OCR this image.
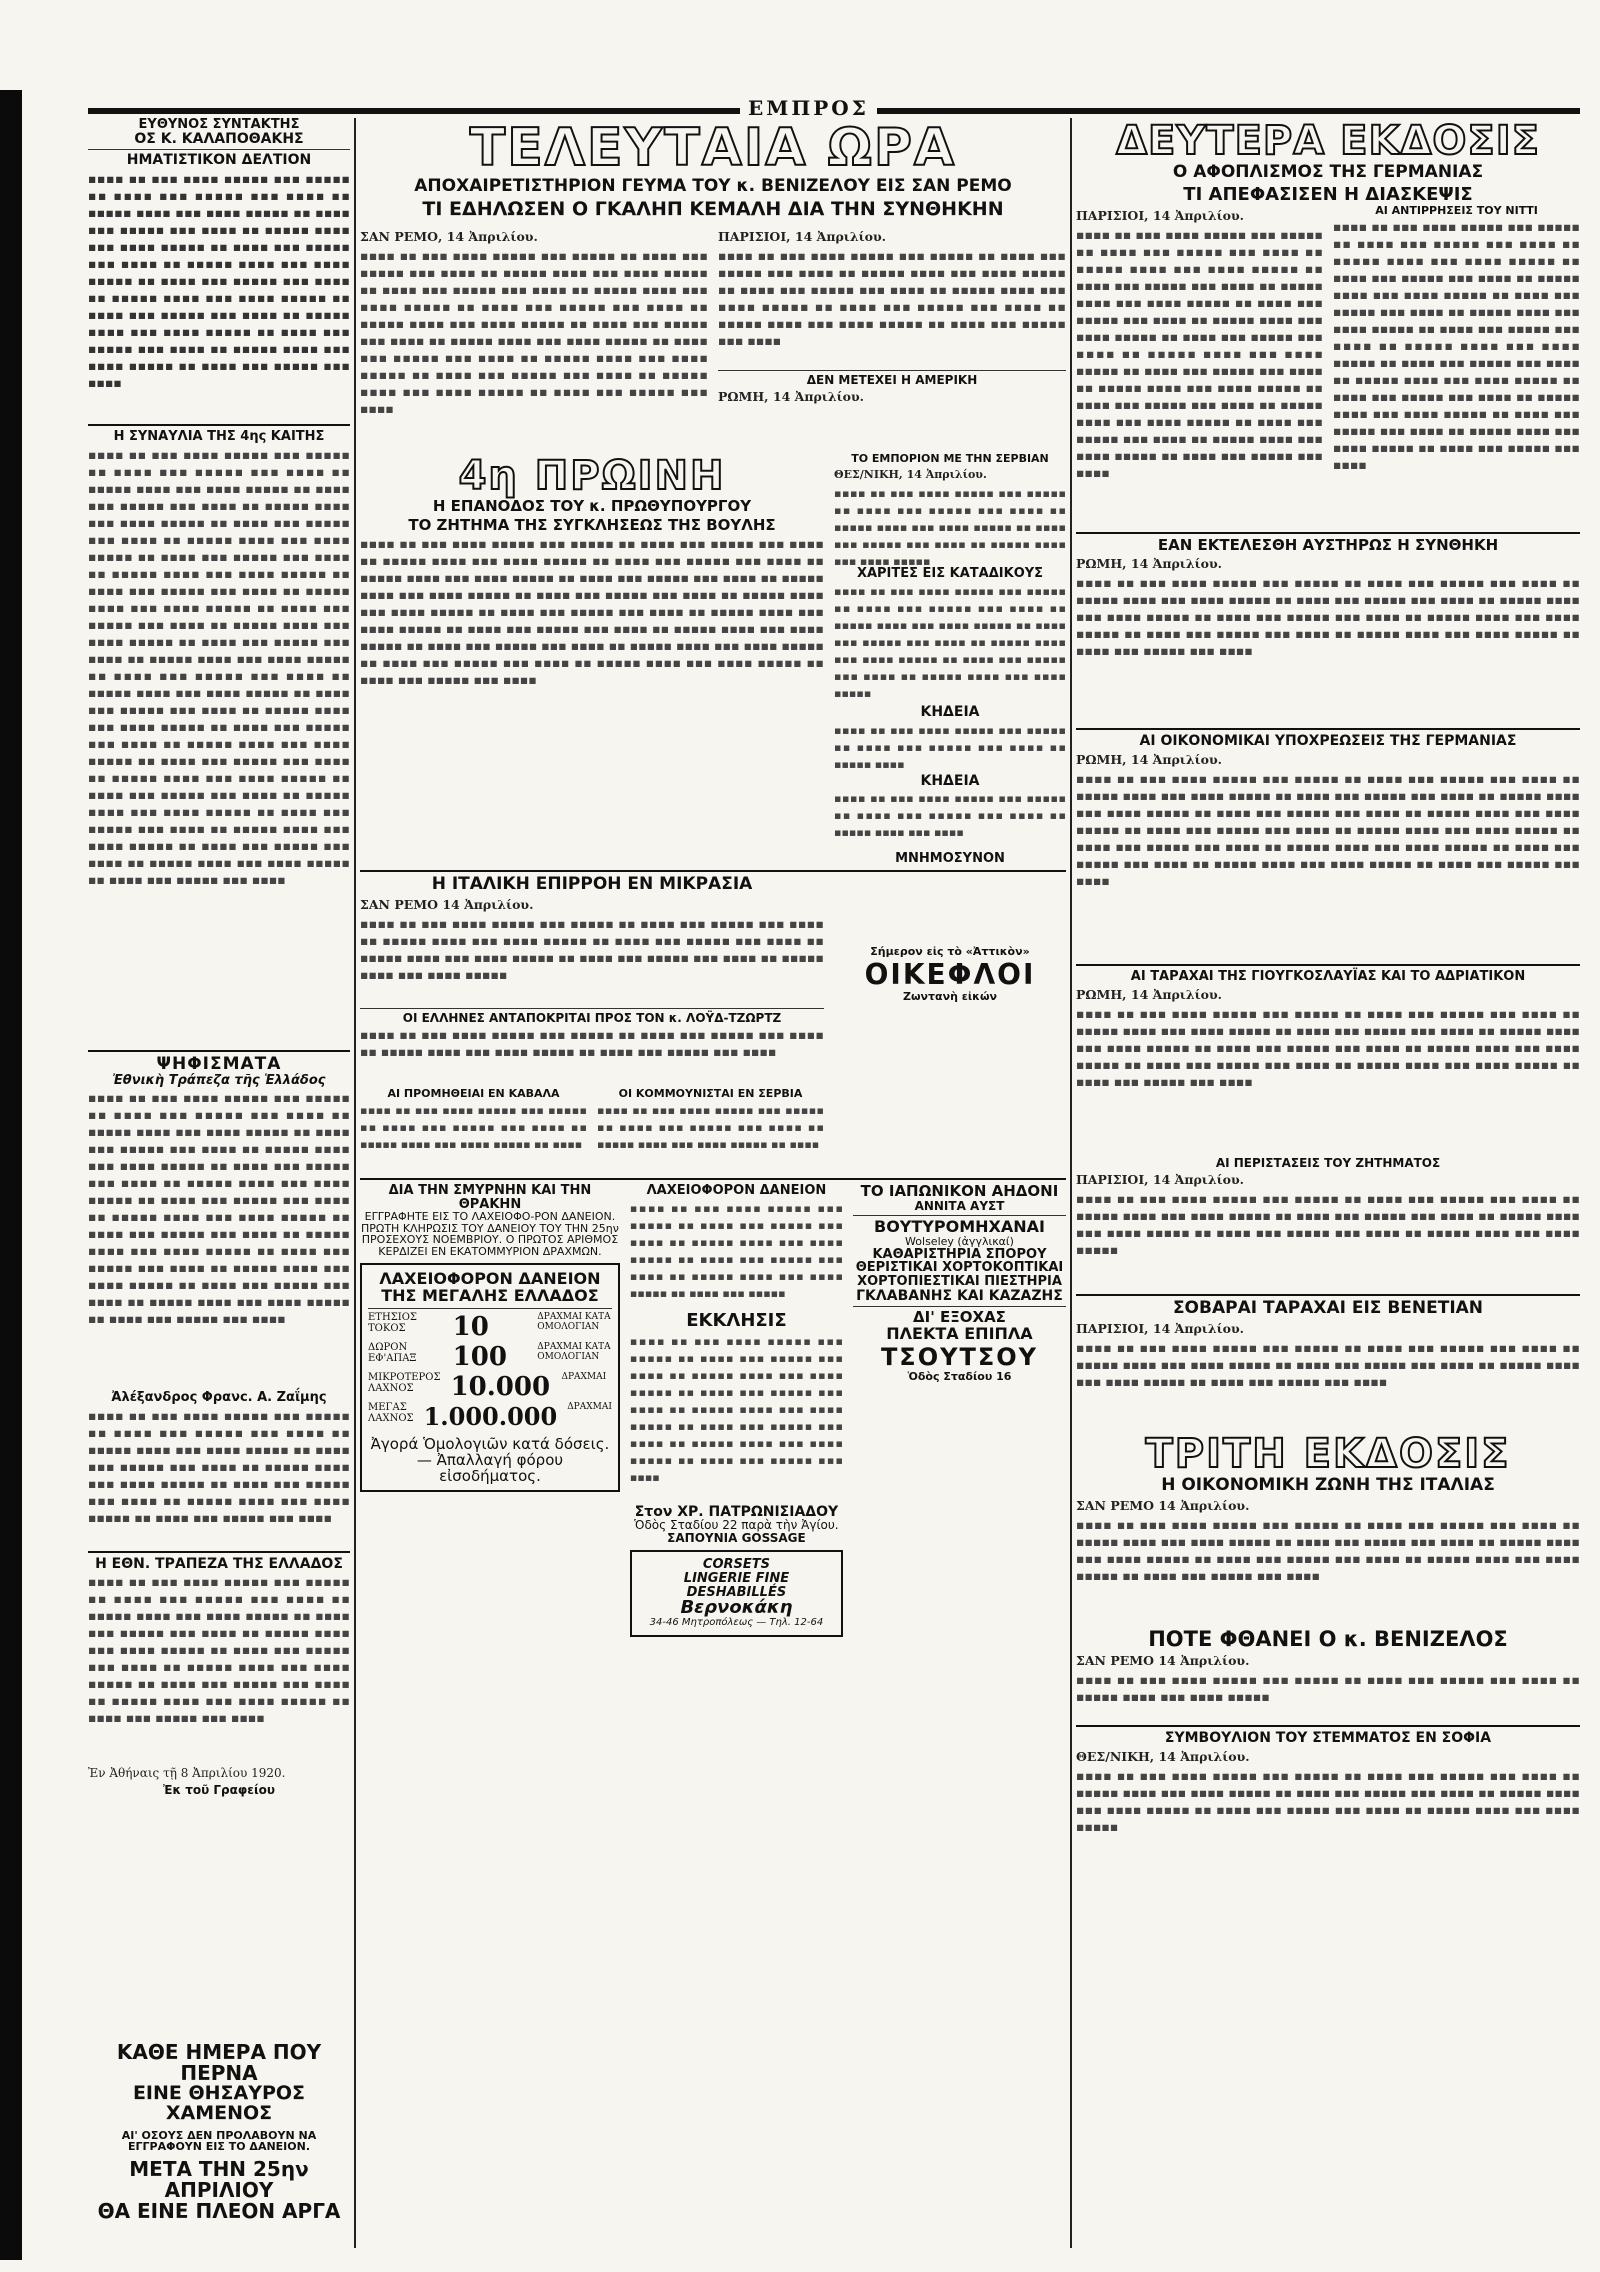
ΕΜΠΡΟΣ
ΕΥΘΥΝΟΣ ΣΥΝΤΑΚΤΗΣ
ΟΣ Κ. ΚΑΛΑΠΟΘΑΚΗΣ
ΗΜΑΤΙΣΤΙΚΟΝ ΔΕΛΤΙΟΝ
▪▪▪▪ ▪▪ ▪▪▪ ▪▪▪▪ ▪▪▪▪▪ ▪▪▪ ▪▪▪▪▪ ▪▪ ▪▪▪▪ ▪▪▪ ▪▪▪▪▪ ▪▪▪ ▪▪▪▪ ▪▪ ▪▪▪▪▪ ▪▪▪▪ ▪▪▪ ▪▪▪▪ ▪▪▪▪▪ ▪▪ ▪▪▪▪ ▪▪▪ ▪▪▪▪▪ ▪▪▪ ▪▪▪▪ ▪▪ ▪▪▪▪▪ ▪▪▪▪ ▪▪▪ ▪▪▪▪ ▪▪▪▪▪ ▪▪ ▪▪▪▪ ▪▪▪ ▪▪▪▪▪ ▪▪▪ ▪▪▪▪ ▪▪ ▪▪▪▪▪ ▪▪▪▪ ▪▪▪ ▪▪▪▪ ▪▪▪▪▪ ▪▪ ▪▪▪▪ ▪▪▪ ▪▪▪▪▪ ▪▪▪ ▪▪▪▪ ▪▪ ▪▪▪▪▪ ▪▪▪▪ ▪▪▪ ▪▪▪▪ ▪▪▪▪▪ ▪▪ ▪▪▪▪ ▪▪▪ ▪▪▪▪▪ ▪▪▪ ▪▪▪▪ ▪▪ ▪▪▪▪▪ ▪▪▪▪ ▪▪▪ ▪▪▪▪ ▪▪▪▪▪ ▪▪ ▪▪▪▪ ▪▪▪ ▪▪▪▪▪ ▪▪▪ ▪▪▪▪ ▪▪ ▪▪▪▪▪ ▪▪▪▪ ▪▪▪ ▪▪▪▪ ▪▪▪▪▪ ▪▪ ▪▪▪▪ ▪▪▪ ▪▪▪▪▪ ▪▪▪ ▪▪▪▪
Η ΣΥΝΑΥΛΙΑ ΤΗΣ 4ης ΚΑΙΤΗΣ
▪▪▪▪ ▪▪ ▪▪▪ ▪▪▪▪ ▪▪▪▪▪ ▪▪▪ ▪▪▪▪▪ ▪▪ ▪▪▪▪ ▪▪▪ ▪▪▪▪▪ ▪▪▪ ▪▪▪▪ ▪▪ ▪▪▪▪▪ ▪▪▪▪ ▪▪▪ ▪▪▪▪ ▪▪▪▪▪ ▪▪ ▪▪▪▪ ▪▪▪ ▪▪▪▪▪ ▪▪▪ ▪▪▪▪ ▪▪ ▪▪▪▪▪ ▪▪▪▪ ▪▪▪ ▪▪▪▪ ▪▪▪▪▪ ▪▪ ▪▪▪▪ ▪▪▪ ▪▪▪▪▪ ▪▪▪ ▪▪▪▪ ▪▪ ▪▪▪▪▪ ▪▪▪▪ ▪▪▪ ▪▪▪▪ ▪▪▪▪▪ ▪▪ ▪▪▪▪ ▪▪▪ ▪▪▪▪▪ ▪▪▪ ▪▪▪▪ ▪▪ ▪▪▪▪▪ ▪▪▪▪ ▪▪▪ ▪▪▪▪ ▪▪▪▪▪ ▪▪ ▪▪▪▪ ▪▪▪ ▪▪▪▪▪ ▪▪▪ ▪▪▪▪ ▪▪ ▪▪▪▪▪ ▪▪▪▪ ▪▪▪ ▪▪▪▪ ▪▪▪▪▪ ▪▪ ▪▪▪▪ ▪▪▪ ▪▪▪▪▪ ▪▪▪ ▪▪▪▪ ▪▪ ▪▪▪▪▪ ▪▪▪▪ ▪▪▪ ▪▪▪▪ ▪▪▪▪▪ ▪▪ ▪▪▪▪ ▪▪▪ ▪▪▪▪▪ ▪▪▪ ▪▪▪▪ ▪▪ ▪▪▪▪▪ ▪▪▪▪ ▪▪▪ ▪▪▪▪ ▪▪▪▪▪ ▪▪ ▪▪▪▪ ▪▪▪ ▪▪▪▪▪ ▪▪▪ ▪▪▪▪ ▪▪ ▪▪▪▪▪ ▪▪▪▪ ▪▪▪ ▪▪▪▪ ▪▪▪▪▪ ▪▪ ▪▪▪▪ ▪▪▪ ▪▪▪▪▪ ▪▪▪ ▪▪▪▪ ▪▪ ▪▪▪▪▪ ▪▪▪▪ ▪▪▪ ▪▪▪▪ ▪▪▪▪▪ ▪▪ ▪▪▪▪ ▪▪▪ ▪▪▪▪▪ ▪▪▪ ▪▪▪▪ ▪▪ ▪▪▪▪▪ ▪▪▪▪ ▪▪▪ ▪▪▪▪ ▪▪▪▪▪ ▪▪ ▪▪▪▪ ▪▪▪ ▪▪▪▪▪ ▪▪▪ ▪▪▪▪ ▪▪ ▪▪▪▪▪ ▪▪▪▪ ▪▪▪ ▪▪▪▪ ▪▪▪▪▪ ▪▪ ▪▪▪▪ ▪▪▪ ▪▪▪▪▪ ▪▪▪ ▪▪▪▪ ▪▪ ▪▪▪▪▪ ▪▪▪▪ ▪▪▪ ▪▪▪▪ ▪▪▪▪▪ ▪▪ ▪▪▪▪ ▪▪▪ ▪▪▪▪▪ ▪▪▪ ▪▪▪▪ ▪▪ ▪▪▪▪▪ ▪▪▪▪ ▪▪▪ ▪▪▪▪ ▪▪▪▪▪ ▪▪ ▪▪▪▪ ▪▪▪ ▪▪▪▪▪ ▪▪▪ ▪▪▪▪ ▪▪ ▪▪▪▪▪ ▪▪▪▪ ▪▪▪ ▪▪▪▪ ▪▪▪▪▪ ▪▪ ▪▪▪▪ ▪▪▪ ▪▪▪▪▪ ▪▪▪ ▪▪▪▪
ΨΗΦΙΣΜΑΤΑ
Ἐθνικὴ Τράπεζα τῆς Ἑλλάδος
▪▪▪▪ ▪▪ ▪▪▪ ▪▪▪▪ ▪▪▪▪▪ ▪▪▪ ▪▪▪▪▪ ▪▪ ▪▪▪▪ ▪▪▪ ▪▪▪▪▪ ▪▪▪ ▪▪▪▪ ▪▪ ▪▪▪▪▪ ▪▪▪▪ ▪▪▪ ▪▪▪▪ ▪▪▪▪▪ ▪▪ ▪▪▪▪ ▪▪▪ ▪▪▪▪▪ ▪▪▪ ▪▪▪▪ ▪▪ ▪▪▪▪▪ ▪▪▪▪ ▪▪▪ ▪▪▪▪ ▪▪▪▪▪ ▪▪ ▪▪▪▪ ▪▪▪ ▪▪▪▪▪ ▪▪▪ ▪▪▪▪ ▪▪ ▪▪▪▪▪ ▪▪▪▪ ▪▪▪ ▪▪▪▪ ▪▪▪▪▪ ▪▪ ▪▪▪▪ ▪▪▪ ▪▪▪▪▪ ▪▪▪ ▪▪▪▪ ▪▪ ▪▪▪▪▪ ▪▪▪▪ ▪▪▪ ▪▪▪▪ ▪▪▪▪▪ ▪▪ ▪▪▪▪ ▪▪▪ ▪▪▪▪▪ ▪▪▪ ▪▪▪▪ ▪▪ ▪▪▪▪▪ ▪▪▪▪ ▪▪▪ ▪▪▪▪ ▪▪▪▪▪ ▪▪ ▪▪▪▪ ▪▪▪ ▪▪▪▪▪ ▪▪▪ ▪▪▪▪ ▪▪ ▪▪▪▪▪ ▪▪▪▪ ▪▪▪ ▪▪▪▪ ▪▪▪▪▪ ▪▪ ▪▪▪▪ ▪▪▪ ▪▪▪▪▪ ▪▪▪ ▪▪▪▪ ▪▪ ▪▪▪▪▪ ▪▪▪▪ ▪▪▪ ▪▪▪▪ ▪▪▪▪▪ ▪▪ ▪▪▪▪ ▪▪▪ ▪▪▪▪▪ ▪▪▪ ▪▪▪▪
Ἀλέξανδρος Φρανc. Α. Ζαΐμης
▪▪▪▪ ▪▪ ▪▪▪ ▪▪▪▪ ▪▪▪▪▪ ▪▪▪ ▪▪▪▪▪ ▪▪ ▪▪▪▪ ▪▪▪ ▪▪▪▪▪ ▪▪▪ ▪▪▪▪ ▪▪ ▪▪▪▪▪ ▪▪▪▪ ▪▪▪ ▪▪▪▪ ▪▪▪▪▪ ▪▪ ▪▪▪▪ ▪▪▪ ▪▪▪▪▪ ▪▪▪ ▪▪▪▪ ▪▪ ▪▪▪▪▪ ▪▪▪▪ ▪▪▪ ▪▪▪▪ ▪▪▪▪▪ ▪▪ ▪▪▪▪ ▪▪▪ ▪▪▪▪▪ ▪▪▪ ▪▪▪▪ ▪▪ ▪▪▪▪▪ ▪▪▪▪ ▪▪▪ ▪▪▪▪ ▪▪▪▪▪ ▪▪ ▪▪▪▪ ▪▪▪ ▪▪▪▪▪ ▪▪▪ ▪▪▪▪
Η ΕΘΝ. ΤΡΑΠΕΖΑ ΤΗΣ ΕΛΛΑΔΟΣ
▪▪▪▪ ▪▪ ▪▪▪ ▪▪▪▪ ▪▪▪▪▪ ▪▪▪ ▪▪▪▪▪ ▪▪ ▪▪▪▪ ▪▪▪ ▪▪▪▪▪ ▪▪▪ ▪▪▪▪ ▪▪ ▪▪▪▪▪ ▪▪▪▪ ▪▪▪ ▪▪▪▪ ▪▪▪▪▪ ▪▪ ▪▪▪▪ ▪▪▪ ▪▪▪▪▪ ▪▪▪ ▪▪▪▪ ▪▪ ▪▪▪▪▪ ▪▪▪▪ ▪▪▪ ▪▪▪▪ ▪▪▪▪▪ ▪▪ ▪▪▪▪ ▪▪▪ ▪▪▪▪▪ ▪▪▪ ▪▪▪▪ ▪▪ ▪▪▪▪▪ ▪▪▪▪ ▪▪▪ ▪▪▪▪ ▪▪▪▪▪ ▪▪ ▪▪▪▪ ▪▪▪ ▪▪▪▪▪ ▪▪▪ ▪▪▪▪ ▪▪ ▪▪▪▪▪ ▪▪▪▪ ▪▪▪ ▪▪▪▪ ▪▪▪▪▪ ▪▪ ▪▪▪▪ ▪▪▪ ▪▪▪▪▪ ▪▪▪ ▪▪▪▪
Ἐν Ἀθήναις τῇ 8 Ἀπριλίου 1920.
Ἐκ τοῦ Γραφείου
ΚΑΘΕ ΗΜΕΡΑ ΠΟΥ ΠΕΡΝΑ
ΕΙΝΕ ΘΗΣΑΥΡΟΣ ΧΑΜΕΝΟΣ
ΑΙ' ΟΣΟΥΣ ΔΕΝ ΠΡΟΛΑΒΟΥΝ ΝΑ ΕΓΓΡΑΦΟΥΝ ΕΙΣ ΤΟ ΔΑΝΕΙΟΝ.
ΜΕΤΑ ΤΗΝ 25ην ΑΠΡΙΛΙΟΥ
ΘΑ ΕΙΝΕ ΠΛΕΟΝ ΑΡΓΑ
ΤΕΛΕΥΤΑΙΑ ΩΡΑ
ΑΠΟΧΑΙΡΕΤΙΣΤΗΡΙΟΝ ΓΕΥΜΑ ΤΟΥ κ. ΒΕΝΙΖΕΛΟΥ ΕΙΣ ΣΑΝ ΡΕΜΟ
ΤΙ ΕΔΗΛΩΣΕΝ Ο ΓΚΑΛΗΠ ΚΕΜΑΛΗ ΔΙΑ ΤΗΝ ΣΥΝΘΗΚΗΝ
ΣΑΝ ΡΕΜΟ, 14 Ἀπριλίου.
▪▪▪▪ ▪▪ ▪▪▪ ▪▪▪▪ ▪▪▪▪▪ ▪▪▪ ▪▪▪▪▪ ▪▪ ▪▪▪▪ ▪▪▪ ▪▪▪▪▪ ▪▪▪ ▪▪▪▪ ▪▪ ▪▪▪▪▪ ▪▪▪▪ ▪▪▪ ▪▪▪▪ ▪▪▪▪▪ ▪▪ ▪▪▪▪ ▪▪▪ ▪▪▪▪▪ ▪▪▪ ▪▪▪▪ ▪▪ ▪▪▪▪▪ ▪▪▪▪ ▪▪▪ ▪▪▪▪ ▪▪▪▪▪ ▪▪ ▪▪▪▪ ▪▪▪ ▪▪▪▪▪ ▪▪▪ ▪▪▪▪ ▪▪ ▪▪▪▪▪ ▪▪▪▪ ▪▪▪ ▪▪▪▪ ▪▪▪▪▪ ▪▪ ▪▪▪▪ ▪▪▪ ▪▪▪▪▪ ▪▪▪ ▪▪▪▪ ▪▪ ▪▪▪▪▪ ▪▪▪▪ ▪▪▪ ▪▪▪▪ ▪▪▪▪▪ ▪▪ ▪▪▪▪ ▪▪▪ ▪▪▪▪▪ ▪▪▪ ▪▪▪▪ ▪▪ ▪▪▪▪▪ ▪▪▪▪ ▪▪▪ ▪▪▪▪ ▪▪▪▪▪ ▪▪ ▪▪▪▪ ▪▪▪ ▪▪▪▪▪ ▪▪▪ ▪▪▪▪ ▪▪ ▪▪▪▪▪ ▪▪▪▪ ▪▪▪ ▪▪▪▪ ▪▪▪▪▪ ▪▪ ▪▪▪▪ ▪▪▪ ▪▪▪▪▪ ▪▪▪ ▪▪▪▪
ΠΑΡΙΣΙΟΙ, 14 Ἀπριλίου.
▪▪▪▪ ▪▪ ▪▪▪ ▪▪▪▪ ▪▪▪▪▪ ▪▪▪ ▪▪▪▪▪ ▪▪ ▪▪▪▪ ▪▪▪ ▪▪▪▪▪ ▪▪▪ ▪▪▪▪ ▪▪ ▪▪▪▪▪ ▪▪▪▪ ▪▪▪ ▪▪▪▪ ▪▪▪▪▪ ▪▪ ▪▪▪▪ ▪▪▪ ▪▪▪▪▪ ▪▪▪ ▪▪▪▪ ▪▪ ▪▪▪▪▪ ▪▪▪▪ ▪▪▪ ▪▪▪▪ ▪▪▪▪▪ ▪▪ ▪▪▪▪ ▪▪▪ ▪▪▪▪▪ ▪▪▪ ▪▪▪▪ ▪▪ ▪▪▪▪▪ ▪▪▪▪ ▪▪▪ ▪▪▪▪ ▪▪▪▪▪ ▪▪ ▪▪▪▪ ▪▪▪ ▪▪▪▪▪ ▪▪▪ ▪▪▪▪
ΔΕΝ ΜΕΤΕΧΕΙ Η ΑΜΕΡΙΚΗ
ΡΩΜΗ, 14 Ἀπριλίου.
4η ΠΡΩΙΝΗ
Η ΕΠΑΝΟΔΟΣ ΤΟΥ κ. ΠΡΩΘΥΠΟΥΡΓΟΥ
ΤΟ ΖΗΤΗΜΑ ΤΗΣ ΣΥΓΚΛΗΣΕΩΣ ΤΗΣ ΒΟΥΛΗΣ
▪▪▪▪ ▪▪ ▪▪▪ ▪▪▪▪ ▪▪▪▪▪ ▪▪▪ ▪▪▪▪▪ ▪▪ ▪▪▪▪ ▪▪▪ ▪▪▪▪▪ ▪▪▪ ▪▪▪▪ ▪▪ ▪▪▪▪▪ ▪▪▪▪ ▪▪▪ ▪▪▪▪ ▪▪▪▪▪ ▪▪ ▪▪▪▪ ▪▪▪ ▪▪▪▪▪ ▪▪▪ ▪▪▪▪ ▪▪ ▪▪▪▪▪ ▪▪▪▪ ▪▪▪ ▪▪▪▪ ▪▪▪▪▪ ▪▪ ▪▪▪▪ ▪▪▪ ▪▪▪▪▪ ▪▪▪ ▪▪▪▪ ▪▪ ▪▪▪▪▪ ▪▪▪▪ ▪▪▪ ▪▪▪▪ ▪▪▪▪▪ ▪▪ ▪▪▪▪ ▪▪▪ ▪▪▪▪▪ ▪▪▪ ▪▪▪▪ ▪▪ ▪▪▪▪▪ ▪▪▪▪ ▪▪▪ ▪▪▪▪ ▪▪▪▪▪ ▪▪ ▪▪▪▪ ▪▪▪ ▪▪▪▪▪ ▪▪▪ ▪▪▪▪ ▪▪ ▪▪▪▪▪ ▪▪▪▪ ▪▪▪ ▪▪▪▪ ▪▪▪▪▪ ▪▪ ▪▪▪▪ ▪▪▪ ▪▪▪▪▪ ▪▪▪ ▪▪▪▪ ▪▪ ▪▪▪▪▪ ▪▪▪▪ ▪▪▪ ▪▪▪▪ ▪▪▪▪▪ ▪▪ ▪▪▪▪ ▪▪▪ ▪▪▪▪▪ ▪▪▪ ▪▪▪▪ ▪▪ ▪▪▪▪▪ ▪▪▪▪ ▪▪▪ ▪▪▪▪ ▪▪▪▪▪ ▪▪ ▪▪▪▪ ▪▪▪ ▪▪▪▪▪ ▪▪▪ ▪▪▪▪ ▪▪ ▪▪▪▪▪ ▪▪▪▪ ▪▪▪ ▪▪▪▪ ▪▪▪▪▪ ▪▪ ▪▪▪▪ ▪▪▪ ▪▪▪▪▪ ▪▪▪ ▪▪▪▪
ΤΟ ΕΜΠΟΡΙΟΝ ΜΕ ΤΗΝ ΣΕΡΒΙΑΝ
ΘΕΣ/ΝΙΚΗ, 14 Ἀπριλίου.
▪▪▪▪ ▪▪ ▪▪▪ ▪▪▪▪ ▪▪▪▪▪ ▪▪▪ ▪▪▪▪▪ ▪▪ ▪▪▪▪ ▪▪▪ ▪▪▪▪▪ ▪▪▪ ▪▪▪▪ ▪▪ ▪▪▪▪▪ ▪▪▪▪ ▪▪▪ ▪▪▪▪ ▪▪▪▪▪ ▪▪ ▪▪▪▪ ▪▪▪ ▪▪▪▪▪ ▪▪▪ ▪▪▪▪ ▪▪ ▪▪▪▪▪ ▪▪▪▪ ▪▪▪ ▪▪▪▪ ▪▪▪▪▪
ΧΑΡΙΤΕΣ ΕΙΣ ΚΑΤΑΔΙΚΟΥΣ
▪▪▪▪ ▪▪ ▪▪▪ ▪▪▪▪ ▪▪▪▪▪ ▪▪▪ ▪▪▪▪▪ ▪▪ ▪▪▪▪ ▪▪▪ ▪▪▪▪▪ ▪▪▪ ▪▪▪▪ ▪▪ ▪▪▪▪▪ ▪▪▪▪ ▪▪▪ ▪▪▪▪ ▪▪▪▪▪ ▪▪ ▪▪▪▪ ▪▪▪ ▪▪▪▪▪ ▪▪▪ ▪▪▪▪ ▪▪ ▪▪▪▪▪ ▪▪▪▪ ▪▪▪ ▪▪▪▪ ▪▪▪▪▪ ▪▪ ▪▪▪▪ ▪▪▪ ▪▪▪▪▪ ▪▪▪ ▪▪▪▪ ▪▪ ▪▪▪▪▪ ▪▪▪▪ ▪▪▪ ▪▪▪▪ ▪▪▪▪▪
ΚΗΔΕΙΑ
▪▪▪▪ ▪▪ ▪▪▪ ▪▪▪▪ ▪▪▪▪▪ ▪▪▪ ▪▪▪▪▪ ▪▪ ▪▪▪▪ ▪▪▪ ▪▪▪▪▪ ▪▪▪ ▪▪▪▪ ▪▪ ▪▪▪▪▪ ▪▪▪▪
ΚΗΔΕΙΑ
▪▪▪▪ ▪▪ ▪▪▪ ▪▪▪▪ ▪▪▪▪▪ ▪▪▪ ▪▪▪▪▪ ▪▪ ▪▪▪▪ ▪▪▪ ▪▪▪▪▪ ▪▪▪ ▪▪▪▪ ▪▪ ▪▪▪▪▪ ▪▪▪▪ ▪▪▪ ▪▪▪▪
ΜΝΗΜΟΣΥΝΟΝ
Η ΙΤΑΛΙΚΗ ΕΠΙΡΡΟΗ ΕΝ ΜΙΚΡΑΣΙΑ
ΣΑΝ ΡΕΜΟ 14 Ἀπριλίου.
▪▪▪▪ ▪▪ ▪▪▪ ▪▪▪▪ ▪▪▪▪▪ ▪▪▪ ▪▪▪▪▪ ▪▪ ▪▪▪▪ ▪▪▪ ▪▪▪▪▪ ▪▪▪ ▪▪▪▪ ▪▪ ▪▪▪▪▪ ▪▪▪▪ ▪▪▪ ▪▪▪▪ ▪▪▪▪▪ ▪▪ ▪▪▪▪ ▪▪▪ ▪▪▪▪▪ ▪▪▪ ▪▪▪▪ ▪▪ ▪▪▪▪▪ ▪▪▪▪ ▪▪▪ ▪▪▪▪ ▪▪▪▪▪ ▪▪ ▪▪▪▪ ▪▪▪ ▪▪▪▪▪ ▪▪▪ ▪▪▪▪ ▪▪ ▪▪▪▪▪ ▪▪▪▪ ▪▪▪ ▪▪▪▪ ▪▪▪▪▪
ΟΙ ΕΛΛΗΝΕΣ ΑΝΤΑΠΟΚΡΙΤΑΙ ΠΡΟΣ ΤΟΝ κ. ΛΟΫΔ-ΤΖΩΡΤΖ
▪▪▪▪ ▪▪ ▪▪▪ ▪▪▪▪ ▪▪▪▪▪ ▪▪▪ ▪▪▪▪▪ ▪▪ ▪▪▪▪ ▪▪▪ ▪▪▪▪▪ ▪▪▪ ▪▪▪▪ ▪▪ ▪▪▪▪▪ ▪▪▪▪ ▪▪▪ ▪▪▪▪ ▪▪▪▪▪ ▪▪ ▪▪▪▪ ▪▪▪ ▪▪▪▪▪ ▪▪▪ ▪▪▪▪
ΑΙ ΠΡΟΜΗΘΕΙΑΙ ΕΝ ΚΑΒΑΛΑ
▪▪▪▪ ▪▪ ▪▪▪ ▪▪▪▪ ▪▪▪▪▪ ▪▪▪ ▪▪▪▪▪ ▪▪ ▪▪▪▪ ▪▪▪ ▪▪▪▪▪ ▪▪▪ ▪▪▪▪ ▪▪ ▪▪▪▪▪ ▪▪▪▪ ▪▪▪ ▪▪▪▪ ▪▪▪▪▪ ▪▪ ▪▪▪▪
ΟΙ ΚΟΜΜΟΥΝΙΣΤΑΙ ΕΝ ΣΕΡΒΙΑ
▪▪▪▪ ▪▪ ▪▪▪ ▪▪▪▪ ▪▪▪▪▪ ▪▪▪ ▪▪▪▪▪ ▪▪ ▪▪▪▪ ▪▪▪ ▪▪▪▪▪ ▪▪▪ ▪▪▪▪ ▪▪ ▪▪▪▪▪ ▪▪▪▪ ▪▪▪ ▪▪▪▪ ▪▪▪▪▪ ▪▪ ▪▪▪▪
Σήμερον εἰς τὸ «Ἀττικὸν»
ΟΙΚΕΦΛΟΙ
Ζωντανὴ εἰκών
ΔΙΑ ΤΗΝ ΣΜΥΡΝΗΝ ΚΑΙ ΤΗΝ ΘΡΑΚΗΝ
ΕΓΓΡΑΦΗΤΕ ΕΙΣ ΤΟ ΛΑΧΕΙΟΦΟ-ΡΟΝ ΔΑΝΕΙΟΝ. ΠΡΩΤΗ ΚΛΗΡΩΣΙΣ ΤΟΥ ΔΑΝΕΙΟΥ ΤΟΥ ΤΗΝ 25ην ΠΡΟΣΕΧΟΥΣ ΝΟΕΜΒΡΙΟΥ. Ο ΠΡΩΤΟΣ ΑΡΙΘΜΟΣ ΚΕΡΔΙΖΕΙ ΕΝ ΕΚΑΤΟΜΜΥΡΙΟΝ ΔΡΑΧΜΩΝ.
ΛΑΧΕΙΟΦΟΡΟΝ ΔΑΝΕΙΟΝ
ΤΗΣ ΜΕΓΑΛΗΣ ΕΛΛΑΔΟΣ
ΕΤΗΣΙΟΣ ΤΟΚΟΣ	10	ΔΡΑΧΜΑΙ ΚΑΤΑ ΟΜΟΛΟΓΙΑΝ
ΔΩΡΟΝ ΕΦ'ΑΠΑΞ	100	ΔΡΑΧΜΑΙ ΚΑΤΑ ΟΜΟΛΟΓΙΑΝ
ΜΙΚΡΟΤΕΡΟΣ ΛΑΧΝΟΣ	10.000 ΔΡΑΧΜΑΙ
ΜΕΓΑΣ ΛΑΧΝΟΣ 1.000.000 ΔΡΑΧΜΑΙ
Ἀγορά Ὁμολογιῶν κατά δόσεις.— Ἀπαλλαγή φόρου εἰσοδήματος.
ΛΑΧΕΙΟΦΟΡΟΝ ΔΑΝΕΙΟΝ
▪▪▪▪ ▪▪ ▪▪▪ ▪▪▪▪ ▪▪▪▪▪ ▪▪▪ ▪▪▪▪▪ ▪▪ ▪▪▪▪ ▪▪▪ ▪▪▪▪▪ ▪▪▪ ▪▪▪▪ ▪▪ ▪▪▪▪▪ ▪▪▪▪ ▪▪▪ ▪▪▪▪ ▪▪▪▪▪ ▪▪ ▪▪▪▪ ▪▪▪ ▪▪▪▪▪ ▪▪▪ ▪▪▪▪ ▪▪ ▪▪▪▪▪ ▪▪▪▪ ▪▪▪ ▪▪▪▪ ▪▪▪▪▪ ▪▪ ▪▪▪▪ ▪▪▪ ▪▪▪▪▪
ΕΚΚΛΗΣΙΣ
▪▪▪▪ ▪▪ ▪▪▪ ▪▪▪▪ ▪▪▪▪▪ ▪▪▪ ▪▪▪▪▪ ▪▪ ▪▪▪▪ ▪▪▪ ▪▪▪▪▪ ▪▪▪ ▪▪▪▪ ▪▪ ▪▪▪▪▪ ▪▪▪▪ ▪▪▪ ▪▪▪▪ ▪▪▪▪▪ ▪▪ ▪▪▪▪ ▪▪▪ ▪▪▪▪▪ ▪▪▪ ▪▪▪▪ ▪▪ ▪▪▪▪▪ ▪▪▪▪ ▪▪▪ ▪▪▪▪ ▪▪▪▪▪ ▪▪ ▪▪▪▪ ▪▪▪ ▪▪▪▪▪ ▪▪▪ ▪▪▪▪ ▪▪ ▪▪▪▪▪ ▪▪▪▪ ▪▪▪ ▪▪▪▪ ▪▪▪▪▪ ▪▪ ▪▪▪▪ ▪▪▪ ▪▪▪▪▪ ▪▪▪ ▪▪▪▪
Στον ΧΡ. ΠΑΤΡΩΝΙΣΙΑΔΟΥ
Ὁδὸς Σταδίου 22 παρὰ τὴν Ἀγίου.
ΣΑΠΟΥΝΙΑ GOSSAGE
CORSETS
LINGERIE FINE
DESHABILLÉS
Βερνοκάκη
34-46 Μητροπόλεως — Τηλ. 12-64
ΤΟ ΙΑΠΩΝΙΚΟΝ ΑΗΔΟΝΙ
ΑΝΝΙΤΑ ΑΥΣΤ
ΒΟΥΤΥΡΟΜΗΧΑΝΑΙ
Wolseley (ἀγγλικαί)
ΚΑΘΑΡΙΣΤΗΡΙΑ ΣΠΟΡΟΥ
ΘΕΡΙΣΤΙΚΑΙ ΧΟΡΤΟΚΟΠΤΙΚΑΙ
ΧΟΡΤΟΠΙΕΣΤΙΚΑΙ ΠΙΕΣΤΗΡΙΑ
ΓΚΛΑΒΑΝΗΣ ΚΑΙ ΚΑΖΑΖΗΣ
ΔΙ' ΕΞΟΧΑΣ
ΠΛΕΚΤΑ ΕΠΙΠΛΑ
ΤΣΟΥΤΣΟΥ
Ὁδὸς Σταδίου 16
ΔΕΥΤΕΡΑ ΕΚΔΟΣΙΣ
Ο ΑΦΟΠΛΙΣΜΟΣ ΤΗΣ ΓΕΡΜΑΝΙΑΣ
ΤΙ ΑΠΕΦΑΣΙΣΕΝ Η ΔΙΑΣΚΕΨΙΣ
ΠΑΡΙΣΙΟΙ, 14 Ἀπριλίου.
▪▪▪▪ ▪▪ ▪▪▪ ▪▪▪▪ ▪▪▪▪▪ ▪▪▪ ▪▪▪▪▪ ▪▪ ▪▪▪▪ ▪▪▪ ▪▪▪▪▪ ▪▪▪ ▪▪▪▪ ▪▪ ▪▪▪▪▪ ▪▪▪▪ ▪▪▪ ▪▪▪▪ ▪▪▪▪▪ ▪▪ ▪▪▪▪ ▪▪▪ ▪▪▪▪▪ ▪▪▪ ▪▪▪▪ ▪▪ ▪▪▪▪▪ ▪▪▪▪ ▪▪▪ ▪▪▪▪ ▪▪▪▪▪ ▪▪ ▪▪▪▪ ▪▪▪ ▪▪▪▪▪ ▪▪▪ ▪▪▪▪ ▪▪ ▪▪▪▪▪ ▪▪▪▪ ▪▪▪ ▪▪▪▪ ▪▪▪▪▪ ▪▪ ▪▪▪▪ ▪▪▪ ▪▪▪▪▪ ▪▪▪ ▪▪▪▪ ▪▪ ▪▪▪▪▪ ▪▪▪▪ ▪▪▪ ▪▪▪▪ ▪▪▪▪▪ ▪▪ ▪▪▪▪ ▪▪▪ ▪▪▪▪▪ ▪▪▪ ▪▪▪▪ ▪▪ ▪▪▪▪▪ ▪▪▪▪ ▪▪▪ ▪▪▪▪ ▪▪▪▪▪ ▪▪ ▪▪▪▪ ▪▪▪ ▪▪▪▪▪ ▪▪▪ ▪▪▪▪ ▪▪ ▪▪▪▪▪ ▪▪▪▪ ▪▪▪ ▪▪▪▪ ▪▪▪▪▪ ▪▪ ▪▪▪▪ ▪▪▪ ▪▪▪▪▪ ▪▪▪ ▪▪▪▪ ▪▪ ▪▪▪▪▪ ▪▪▪▪ ▪▪▪ ▪▪▪▪ ▪▪▪▪▪ ▪▪ ▪▪▪▪ ▪▪▪ ▪▪▪▪▪ ▪▪▪ ▪▪▪▪
ΑΙ ΑΝΤΙΡΡΗΣΕΙΣ ΤΟΥ ΝΙΤΤΙ
▪▪▪▪ ▪▪ ▪▪▪ ▪▪▪▪ ▪▪▪▪▪ ▪▪▪ ▪▪▪▪▪ ▪▪ ▪▪▪▪ ▪▪▪ ▪▪▪▪▪ ▪▪▪ ▪▪▪▪ ▪▪ ▪▪▪▪▪ ▪▪▪▪ ▪▪▪ ▪▪▪▪ ▪▪▪▪▪ ▪▪ ▪▪▪▪ ▪▪▪ ▪▪▪▪▪ ▪▪▪ ▪▪▪▪ ▪▪ ▪▪▪▪▪ ▪▪▪▪ ▪▪▪ ▪▪▪▪ ▪▪▪▪▪ ▪▪ ▪▪▪▪ ▪▪▪ ▪▪▪▪▪ ▪▪▪ ▪▪▪▪ ▪▪ ▪▪▪▪▪ ▪▪▪▪ ▪▪▪ ▪▪▪▪ ▪▪▪▪▪ ▪▪ ▪▪▪▪ ▪▪▪ ▪▪▪▪▪ ▪▪▪ ▪▪▪▪ ▪▪ ▪▪▪▪▪ ▪▪▪▪ ▪▪▪ ▪▪▪▪ ▪▪▪▪▪ ▪▪ ▪▪▪▪ ▪▪▪ ▪▪▪▪▪ ▪▪▪ ▪▪▪▪ ▪▪ ▪▪▪▪▪ ▪▪▪▪ ▪▪▪ ▪▪▪▪ ▪▪▪▪▪ ▪▪ ▪▪▪▪ ▪▪▪ ▪▪▪▪▪ ▪▪▪ ▪▪▪▪ ▪▪ ▪▪▪▪▪ ▪▪▪▪ ▪▪▪ ▪▪▪▪ ▪▪▪▪▪ ▪▪ ▪▪▪▪ ▪▪▪ ▪▪▪▪▪ ▪▪▪ ▪▪▪▪ ▪▪ ▪▪▪▪▪ ▪▪▪▪ ▪▪▪ ▪▪▪▪ ▪▪▪▪▪ ▪▪ ▪▪▪▪ ▪▪▪ ▪▪▪▪▪ ▪▪▪ ▪▪▪▪
ΕΑΝ ΕΚΤΕΛΕΣΘΗ ΑΥΣΤΗΡΩΣ Η ΣΥΝΘΗΚΗ
ΡΩΜΗ, 14 Ἀπριλίου.
▪▪▪▪ ▪▪ ▪▪▪ ▪▪▪▪ ▪▪▪▪▪ ▪▪▪ ▪▪▪▪▪ ▪▪ ▪▪▪▪ ▪▪▪ ▪▪▪▪▪ ▪▪▪ ▪▪▪▪ ▪▪ ▪▪▪▪▪ ▪▪▪▪ ▪▪▪ ▪▪▪▪ ▪▪▪▪▪ ▪▪ ▪▪▪▪ ▪▪▪ ▪▪▪▪▪ ▪▪▪ ▪▪▪▪ ▪▪ ▪▪▪▪▪ ▪▪▪▪ ▪▪▪ ▪▪▪▪ ▪▪▪▪▪ ▪▪ ▪▪▪▪ ▪▪▪ ▪▪▪▪▪ ▪▪▪ ▪▪▪▪ ▪▪ ▪▪▪▪▪ ▪▪▪▪ ▪▪▪ ▪▪▪▪ ▪▪▪▪▪ ▪▪ ▪▪▪▪ ▪▪▪ ▪▪▪▪▪ ▪▪▪ ▪▪▪▪ ▪▪ ▪▪▪▪▪ ▪▪▪▪ ▪▪▪ ▪▪▪▪ ▪▪▪▪▪ ▪▪ ▪▪▪▪ ▪▪▪ ▪▪▪▪▪ ▪▪▪ ▪▪▪▪
ΑΙ ΟΙΚΟΝΟΜΙΚΑΙ ΥΠΟΧΡΕΩΣΕΙΣ ΤΗΣ ΓΕΡΜΑΝΙΑΣ
ΡΩΜΗ, 14 Ἀπριλίου.
▪▪▪▪ ▪▪ ▪▪▪ ▪▪▪▪ ▪▪▪▪▪ ▪▪▪ ▪▪▪▪▪ ▪▪ ▪▪▪▪ ▪▪▪ ▪▪▪▪▪ ▪▪▪ ▪▪▪▪ ▪▪ ▪▪▪▪▪ ▪▪▪▪ ▪▪▪ ▪▪▪▪ ▪▪▪▪▪ ▪▪ ▪▪▪▪ ▪▪▪ ▪▪▪▪▪ ▪▪▪ ▪▪▪▪ ▪▪ ▪▪▪▪▪ ▪▪▪▪ ▪▪▪ ▪▪▪▪ ▪▪▪▪▪ ▪▪ ▪▪▪▪ ▪▪▪ ▪▪▪▪▪ ▪▪▪ ▪▪▪▪ ▪▪ ▪▪▪▪▪ ▪▪▪▪ ▪▪▪ ▪▪▪▪ ▪▪▪▪▪ ▪▪ ▪▪▪▪ ▪▪▪ ▪▪▪▪▪ ▪▪▪ ▪▪▪▪ ▪▪ ▪▪▪▪▪ ▪▪▪▪ ▪▪▪ ▪▪▪▪ ▪▪▪▪▪ ▪▪ ▪▪▪▪ ▪▪▪ ▪▪▪▪▪ ▪▪▪ ▪▪▪▪ ▪▪ ▪▪▪▪▪ ▪▪▪▪ ▪▪▪ ▪▪▪▪ ▪▪▪▪▪ ▪▪ ▪▪▪▪ ▪▪▪ ▪▪▪▪▪ ▪▪▪ ▪▪▪▪ ▪▪ ▪▪▪▪▪ ▪▪▪▪ ▪▪▪ ▪▪▪▪ ▪▪▪▪▪ ▪▪ ▪▪▪▪ ▪▪▪ ▪▪▪▪▪ ▪▪▪ ▪▪▪▪
ΑΙ ΤΑΡΑΧΑΙ ΤΗΣ ΓΙΟΥΓΚΟΣΛΑΥΪΑΣ ΚΑΙ ΤΟ ΑΔΡΙΑΤΙΚΟΝ
ΡΩΜΗ, 14 Ἀπριλίου.
▪▪▪▪ ▪▪ ▪▪▪ ▪▪▪▪ ▪▪▪▪▪ ▪▪▪ ▪▪▪▪▪ ▪▪ ▪▪▪▪ ▪▪▪ ▪▪▪▪▪ ▪▪▪ ▪▪▪▪ ▪▪ ▪▪▪▪▪ ▪▪▪▪ ▪▪▪ ▪▪▪▪ ▪▪▪▪▪ ▪▪ ▪▪▪▪ ▪▪▪ ▪▪▪▪▪ ▪▪▪ ▪▪▪▪ ▪▪ ▪▪▪▪▪ ▪▪▪▪ ▪▪▪ ▪▪▪▪ ▪▪▪▪▪ ▪▪ ▪▪▪▪ ▪▪▪ ▪▪▪▪▪ ▪▪▪ ▪▪▪▪ ▪▪ ▪▪▪▪▪ ▪▪▪▪ ▪▪▪ ▪▪▪▪ ▪▪▪▪▪ ▪▪ ▪▪▪▪ ▪▪▪ ▪▪▪▪▪ ▪▪▪ ▪▪▪▪ ▪▪ ▪▪▪▪▪ ▪▪▪▪ ▪▪▪ ▪▪▪▪ ▪▪▪▪▪ ▪▪ ▪▪▪▪ ▪▪▪ ▪▪▪▪▪ ▪▪▪ ▪▪▪▪
ΑΙ ΠΕΡΙΣΤΑΣΕΙΣ ΤΟΥ ΖΗΤΗΜΑΤΟΣ
ΠΑΡΙΣΙΟΙ, 14 Ἀπριλίου.
▪▪▪▪ ▪▪ ▪▪▪ ▪▪▪▪ ▪▪▪▪▪ ▪▪▪ ▪▪▪▪▪ ▪▪ ▪▪▪▪ ▪▪▪ ▪▪▪▪▪ ▪▪▪ ▪▪▪▪ ▪▪ ▪▪▪▪▪ ▪▪▪▪ ▪▪▪ ▪▪▪▪ ▪▪▪▪▪ ▪▪ ▪▪▪▪ ▪▪▪ ▪▪▪▪▪ ▪▪▪ ▪▪▪▪ ▪▪ ▪▪▪▪▪ ▪▪▪▪ ▪▪▪ ▪▪▪▪ ▪▪▪▪▪ ▪▪ ▪▪▪▪ ▪▪▪ ▪▪▪▪▪ ▪▪▪ ▪▪▪▪ ▪▪ ▪▪▪▪▪ ▪▪▪▪ ▪▪▪ ▪▪▪▪ ▪▪▪▪▪
ΣΟΒΑΡΑΙ ΤΑΡΑΧΑΙ ΕΙΣ ΒΕΝΕΤΙΑΝ
ΠΑΡΙΣΙΟΙ, 14 Ἀπριλίου.
▪▪▪▪ ▪▪ ▪▪▪ ▪▪▪▪ ▪▪▪▪▪ ▪▪▪ ▪▪▪▪▪ ▪▪ ▪▪▪▪ ▪▪▪ ▪▪▪▪▪ ▪▪▪ ▪▪▪▪ ▪▪ ▪▪▪▪▪ ▪▪▪▪ ▪▪▪ ▪▪▪▪ ▪▪▪▪▪ ▪▪ ▪▪▪▪ ▪▪▪ ▪▪▪▪▪ ▪▪▪ ▪▪▪▪ ▪▪ ▪▪▪▪▪ ▪▪▪▪ ▪▪▪ ▪▪▪▪ ▪▪▪▪▪ ▪▪ ▪▪▪▪ ▪▪▪ ▪▪▪▪▪ ▪▪▪ ▪▪▪▪
ΤΡΙΤΗ ΕΚΔΟΣΙΣ
Η ΟΙΚΟΝΟΜΙΚΗ ΖΩΝΗ ΤΗΣ ΙΤΑΛΙΑΣ
ΣΑΝ ΡΕΜΟ 14 Ἀπριλίου.
▪▪▪▪ ▪▪ ▪▪▪ ▪▪▪▪ ▪▪▪▪▪ ▪▪▪ ▪▪▪▪▪ ▪▪ ▪▪▪▪ ▪▪▪ ▪▪▪▪▪ ▪▪▪ ▪▪▪▪ ▪▪ ▪▪▪▪▪ ▪▪▪▪ ▪▪▪ ▪▪▪▪ ▪▪▪▪▪ ▪▪ ▪▪▪▪ ▪▪▪ ▪▪▪▪▪ ▪▪▪ ▪▪▪▪ ▪▪ ▪▪▪▪▪ ▪▪▪▪ ▪▪▪ ▪▪▪▪ ▪▪▪▪▪ ▪▪ ▪▪▪▪ ▪▪▪ ▪▪▪▪▪ ▪▪▪ ▪▪▪▪ ▪▪ ▪▪▪▪▪ ▪▪▪▪ ▪▪▪ ▪▪▪▪ ▪▪▪▪▪ ▪▪ ▪▪▪▪ ▪▪▪ ▪▪▪▪▪ ▪▪▪ ▪▪▪▪
ΠΟΤΕ ΦΘΑΝΕΙ Ο κ. ΒΕΝΙΖΕΛΟΣ
ΣΑΝ ΡΕΜΟ 14 Ἀπριλίου.
▪▪▪▪ ▪▪ ▪▪▪ ▪▪▪▪ ▪▪▪▪▪ ▪▪▪ ▪▪▪▪▪ ▪▪ ▪▪▪▪ ▪▪▪ ▪▪▪▪▪ ▪▪▪ ▪▪▪▪ ▪▪ ▪▪▪▪▪ ▪▪▪▪ ▪▪▪ ▪▪▪▪ ▪▪▪▪▪
ΣΥΜΒΟΥΛΙΟΝ ΤΟΥ ΣΤΕΜΜΑΤΟΣ ΕΝ ΣΟΦΙΑ
ΘΕΣ/ΝΙΚΗ, 14 Ἀπριλίου.
▪▪▪▪ ▪▪ ▪▪▪ ▪▪▪▪ ▪▪▪▪▪ ▪▪▪ ▪▪▪▪▪ ▪▪ ▪▪▪▪ ▪▪▪ ▪▪▪▪▪ ▪▪▪ ▪▪▪▪ ▪▪ ▪▪▪▪▪ ▪▪▪▪ ▪▪▪ ▪▪▪▪ ▪▪▪▪▪ ▪▪ ▪▪▪▪ ▪▪▪ ▪▪▪▪▪ ▪▪▪ ▪▪▪▪ ▪▪ ▪▪▪▪▪ ▪▪▪▪ ▪▪▪ ▪▪▪▪ ▪▪▪▪▪ ▪▪ ▪▪▪▪ ▪▪▪ ▪▪▪▪▪ ▪▪▪ ▪▪▪▪ ▪▪ ▪▪▪▪▪ ▪▪▪▪ ▪▪▪ ▪▪▪▪ ▪▪▪▪▪
